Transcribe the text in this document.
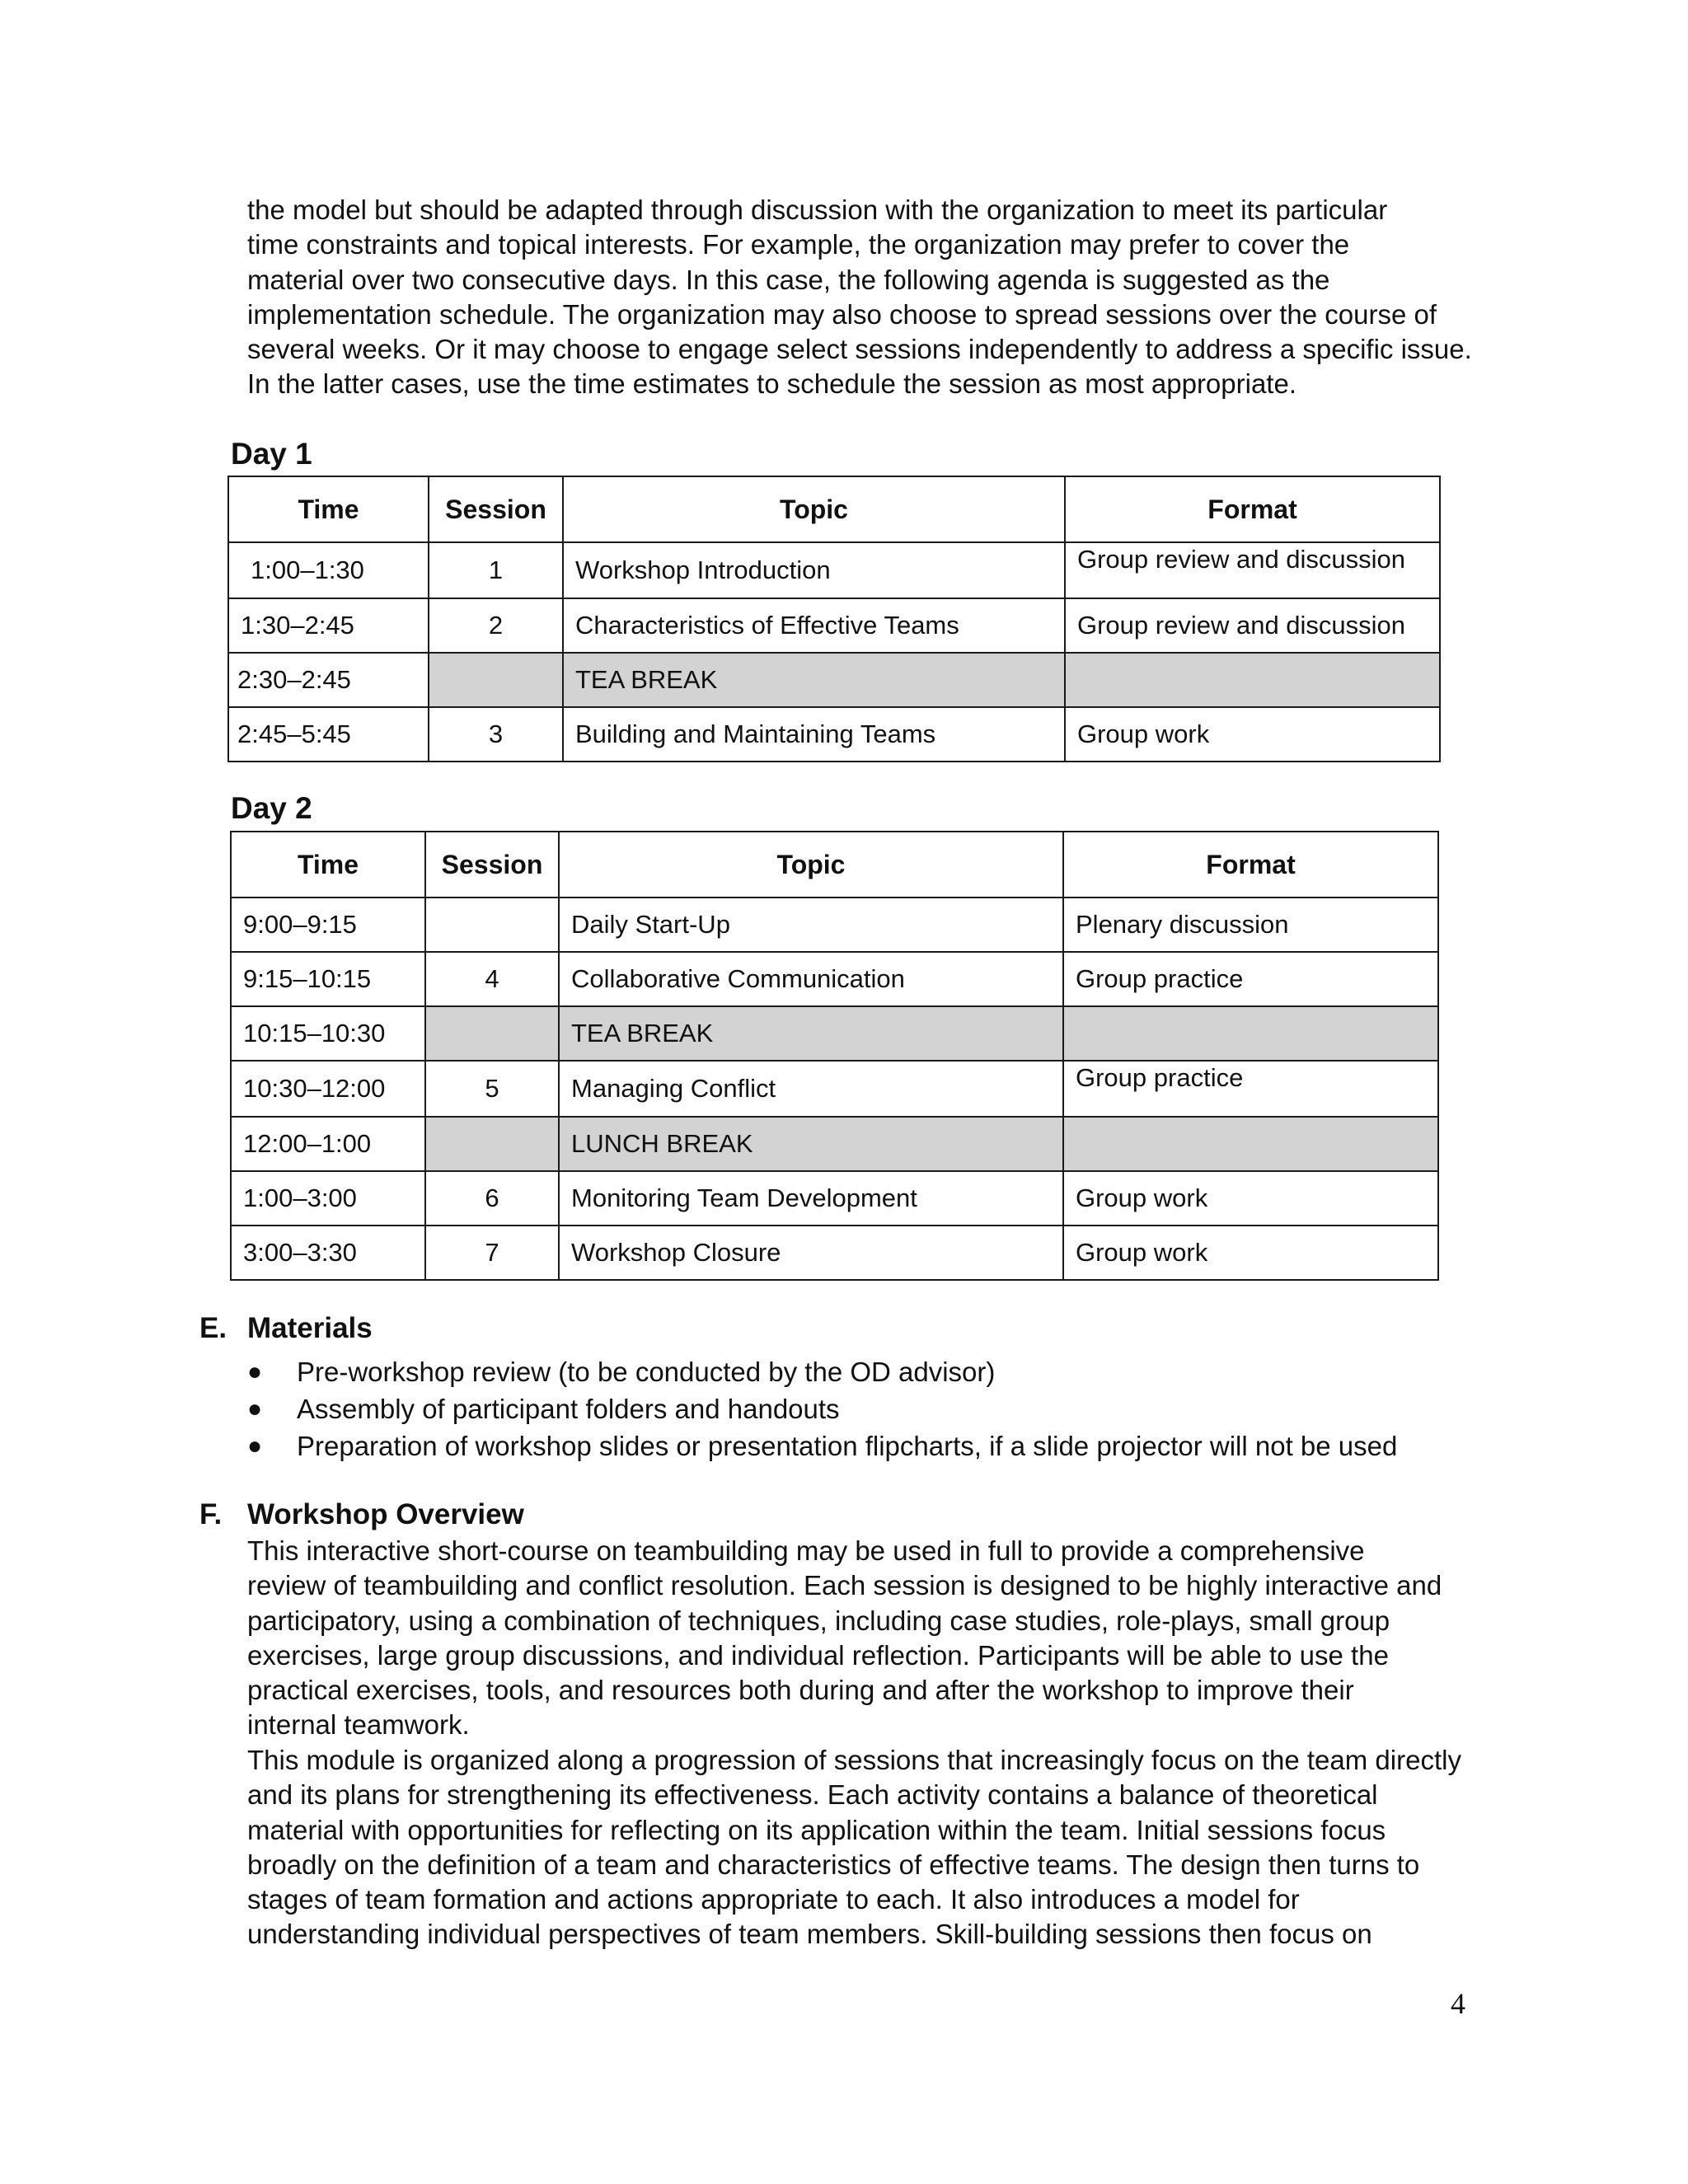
the model but should be adapted through discussion with the organization to meet its particular
time constraints and topical interests. For example, the organization may prefer to cover the
material over two consecutive days. In this case, the following agenda is suggested as the
implementation schedule. The organization may also choose to spread sessions over the course of
several weeks. Or it may choose to engage select sessions independently to address a specific issue.
In the latter cases, use the time estimates to schedule the session as most appropriate.
Day 1
Time	Session	Topic	Format
1:00–1:30	1	Workshop Introduction	Group review and discussion
1:30–2:45	2	Characteristics of Effective Teams	Group review and discussion
2:30–2:45		TEA BREAK	
2:45–5:45	3	Building and Maintaining Teams	Group work
Day 2
Time	Session	Topic	Format
9:00–9:15		Daily Start-Up	Plenary discussion
9:15–10:15	4	Collaborative Communication	Group practice
10:15–10:30		TEA BREAK	
10:30–12:00	5	Managing Conflict	Group practice
12:00–1:00		LUNCH BREAK	
1:00–3:00	6	Monitoring Team Development	Group work
3:00–3:30	7	Workshop Closure	Group work
E. Materials
● Pre-workshop review (to be conducted by the OD advisor)
● Assembly of participant folders and handouts
● Preparation of workshop slides or presentation flipcharts, if a slide projector will not be used
F. Workshop Overview
This interactive short-course on teambuilding may be used in full to provide a comprehensive
review of teambuilding and conflict resolution. Each session is designed to be highly interactive and
participatory, using a combination of techniques, including case studies, role-plays, small group
exercises, large group discussions, and individual reflection. Participants will be able to use the
practical exercises, tools, and resources both during and after the workshop to improve their
internal teamwork.
This module is organized along a progression of sessions that increasingly focus on the team directly
and its plans for strengthening its effectiveness. Each activity contains a balance of theoretical
material with opportunities for reflecting on its application within the team. Initial sessions focus
broadly on the definition of a team and characteristics of effective teams. The design then turns to
stages of team formation and actions appropriate to each. It also introduces a model for
understanding individual perspectives of team members. Skill-building sessions then focus on
4
